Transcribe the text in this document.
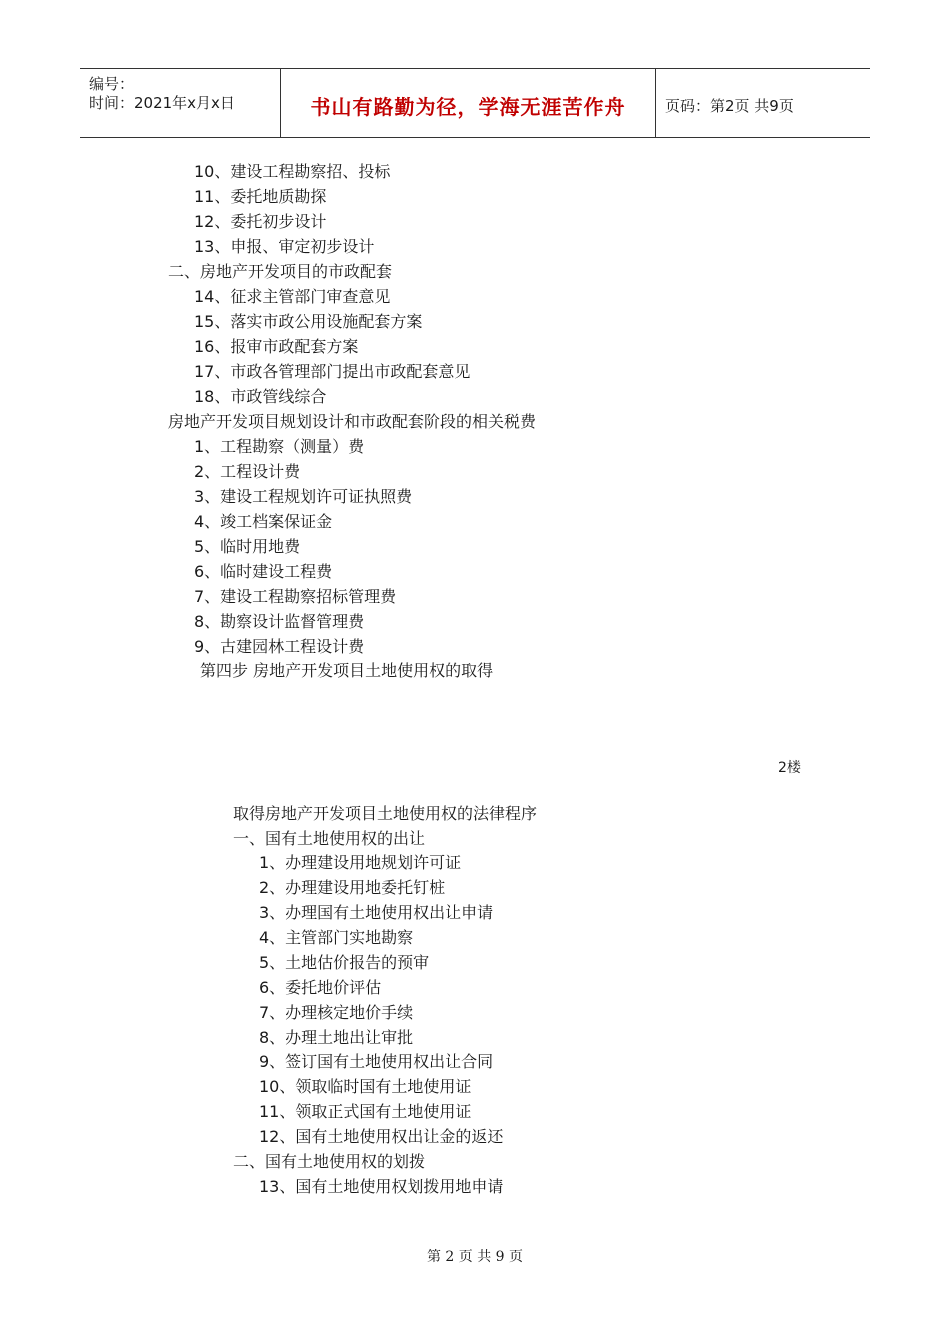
编号：
时间：2021年x月x日	书山有路勤为径，学海无涯苦作舟	页码：第2页 共9页
10、建设工程勘察招、投标
11、委托地质勘探
12、委托初步设计
13、申报、审定初步设计
二、房地产开发项目的市政配套
14、征求主管部门审查意见
15、落实市政公用设施配套方案
16、报审市政配套方案
17、市政各管理部门提出市政配套意见
18、市政管线综合
房地产开发项目规划设计和市政配套阶段的相关税费
1、工程勘察（测量）费
2、工程设计费
3、建设工程规划许可证执照费
4、竣工档案保证金
5、临时用地费
6、临时建设工程费
7、建设工程勘察招标管理费
8、勘察设计监督管理费
9、古建园林工程设计费
第四步 房地产开发项目土地使用权的取得
2楼
取得房地产开发项目土地使用权的法律程序
一、国有土地使用权的出让
1、办理建设用地规划许可证
2、办理建设用地委托钉桩
3、办理国有土地使用权出让申请
4、主管部门实地勘察
5、土地估价报告的预审
6、委托地价评估
7、办理核定地价手续
8、办理土地出让审批
9、签订国有土地使用权出让合同
10、领取临时国有土地使用证
11、领取正式国有土地使用证
12、国有土地使用权出让金的返还
二、国有土地使用权的划拨
13、国有土地使用权划拨用地申请
第 2 页 共 9 页
